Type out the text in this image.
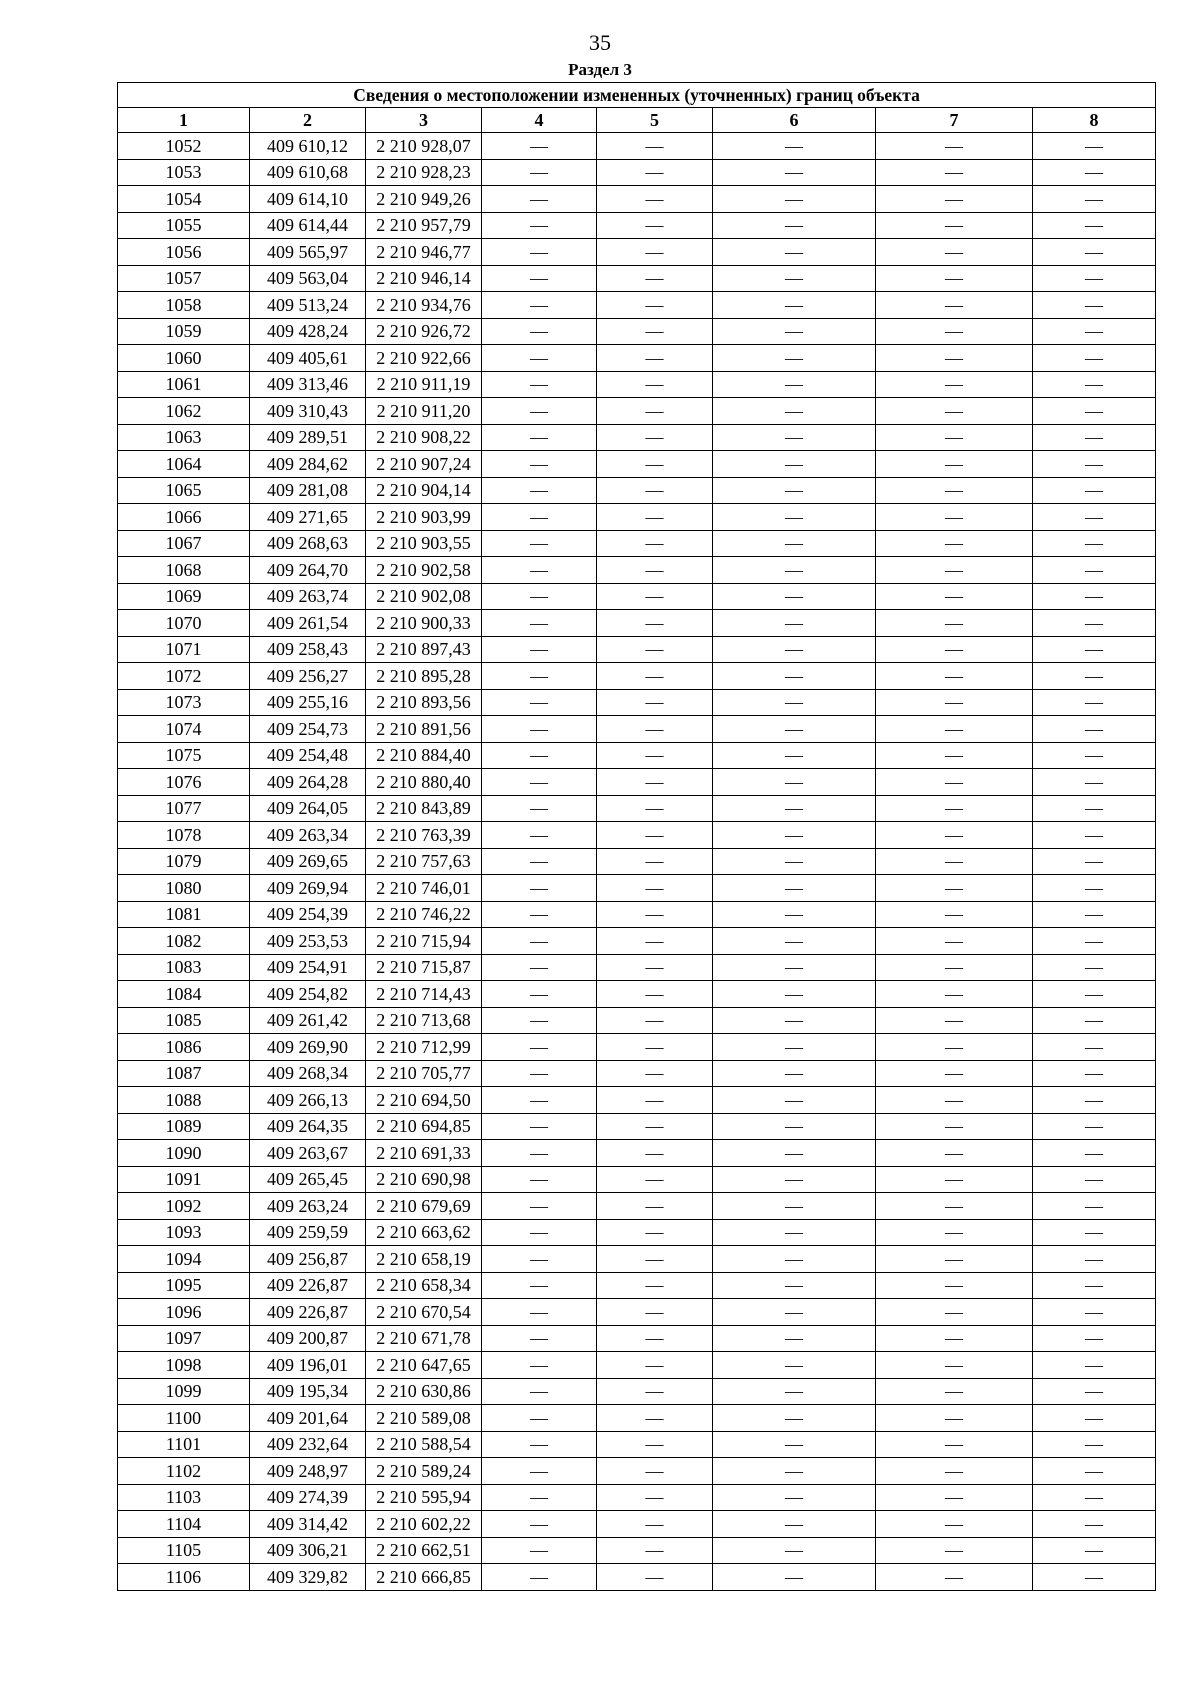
35
Раздел 3
Сведения о местоположении измененных (уточненных) границ объекта							
1	2	3	4	5	6	7	8
1052	409 610,12	2 210 928,07	—	—	—	—	—
1053	409 610,68	2 210 928,23	—	—	—	—	—
1054	409 614,10	2 210 949,26	—	—	—	—	—
1055	409 614,44	2 210 957,79	—	—	—	—	—
1056	409 565,97	2 210 946,77	—	—	—	—	—
1057	409 563,04	2 210 946,14	—	—	—	—	—
1058	409 513,24	2 210 934,76	—	—	—	—	—
1059	409 428,24	2 210 926,72	—	—	—	—	—
1060	409 405,61	2 210 922,66	—	—	—	—	—
1061	409 313,46	2 210 911,19	—	—	—	—	—
1062	409 310,43	2 210 911,20	—	—	—	—	—
1063	409 289,51	2 210 908,22	—	—	—	—	—
1064	409 284,62	2 210 907,24	—	—	—	—	—
1065	409 281,08	2 210 904,14	—	—	—	—	—
1066	409 271,65	2 210 903,99	—	—	—	—	—
1067	409 268,63	2 210 903,55	—	—	—	—	—
1068	409 264,70	2 210 902,58	—	—	—	—	—
1069	409 263,74	2 210 902,08	—	—	—	—	—
1070	409 261,54	2 210 900,33	—	—	—	—	—
1071	409 258,43	2 210 897,43	—	—	—	—	—
1072	409 256,27	2 210 895,28	—	—	—	—	—
1073	409 255,16	2 210 893,56	—	—	—	—	—
1074	409 254,73	2 210 891,56	—	—	—	—	—
1075	409 254,48	2 210 884,40	—	—	—	—	—
1076	409 264,28	2 210 880,40	—	—	—	—	—
1077	409 264,05	2 210 843,89	—	—	—	—	—
1078	409 263,34	2 210 763,39	—	—	—	—	—
1079	409 269,65	2 210 757,63	—	—	—	—	—
1080	409 269,94	2 210 746,01	—	—	—	—	—
1081	409 254,39	2 210 746,22	—	—	—	—	—
1082	409 253,53	2 210 715,94	—	—	—	—	—
1083	409 254,91	2 210 715,87	—	—	—	—	—
1084	409 254,82	2 210 714,43	—	—	—	—	—
1085	409 261,42	2 210 713,68	—	—	—	—	—
1086	409 269,90	2 210 712,99	—	—	—	—	—
1087	409 268,34	2 210 705,77	—	—	—	—	—
1088	409 266,13	2 210 694,50	—	—	—	—	—
1089	409 264,35	2 210 694,85	—	—	—	—	—
1090	409 263,67	2 210 691,33	—	—	—	—	—
1091	409 265,45	2 210 690,98	—	—	—	—	—
1092	409 263,24	2 210 679,69	—	—	—	—	—
1093	409 259,59	2 210 663,62	—	—	—	—	—
1094	409 256,87	2 210 658,19	—	—	—	—	—
1095	409 226,87	2 210 658,34	—	—	—	—	—
1096	409 226,87	2 210 670,54	—	—	—	—	—
1097	409 200,87	2 210 671,78	—	—	—	—	—
1098	409 196,01	2 210 647,65	—	—	—	—	—
1099	409 195,34	2 210 630,86	—	—	—	—	—
1100	409 201,64	2 210 589,08	—	—	—	—	—
1101	409 232,64	2 210 588,54	—	—	—	—	—
1102	409 248,97	2 210 589,24	—	—	—	—	—
1103	409 274,39	2 210 595,94	—	—	—	—	—
1104	409 314,42	2 210 602,22	—	—	—	—	—
1105	409 306,21	2 210 662,51	—	—	—	—	—
1106	409 329,82	2 210 666,85	—	—	—	—	—
